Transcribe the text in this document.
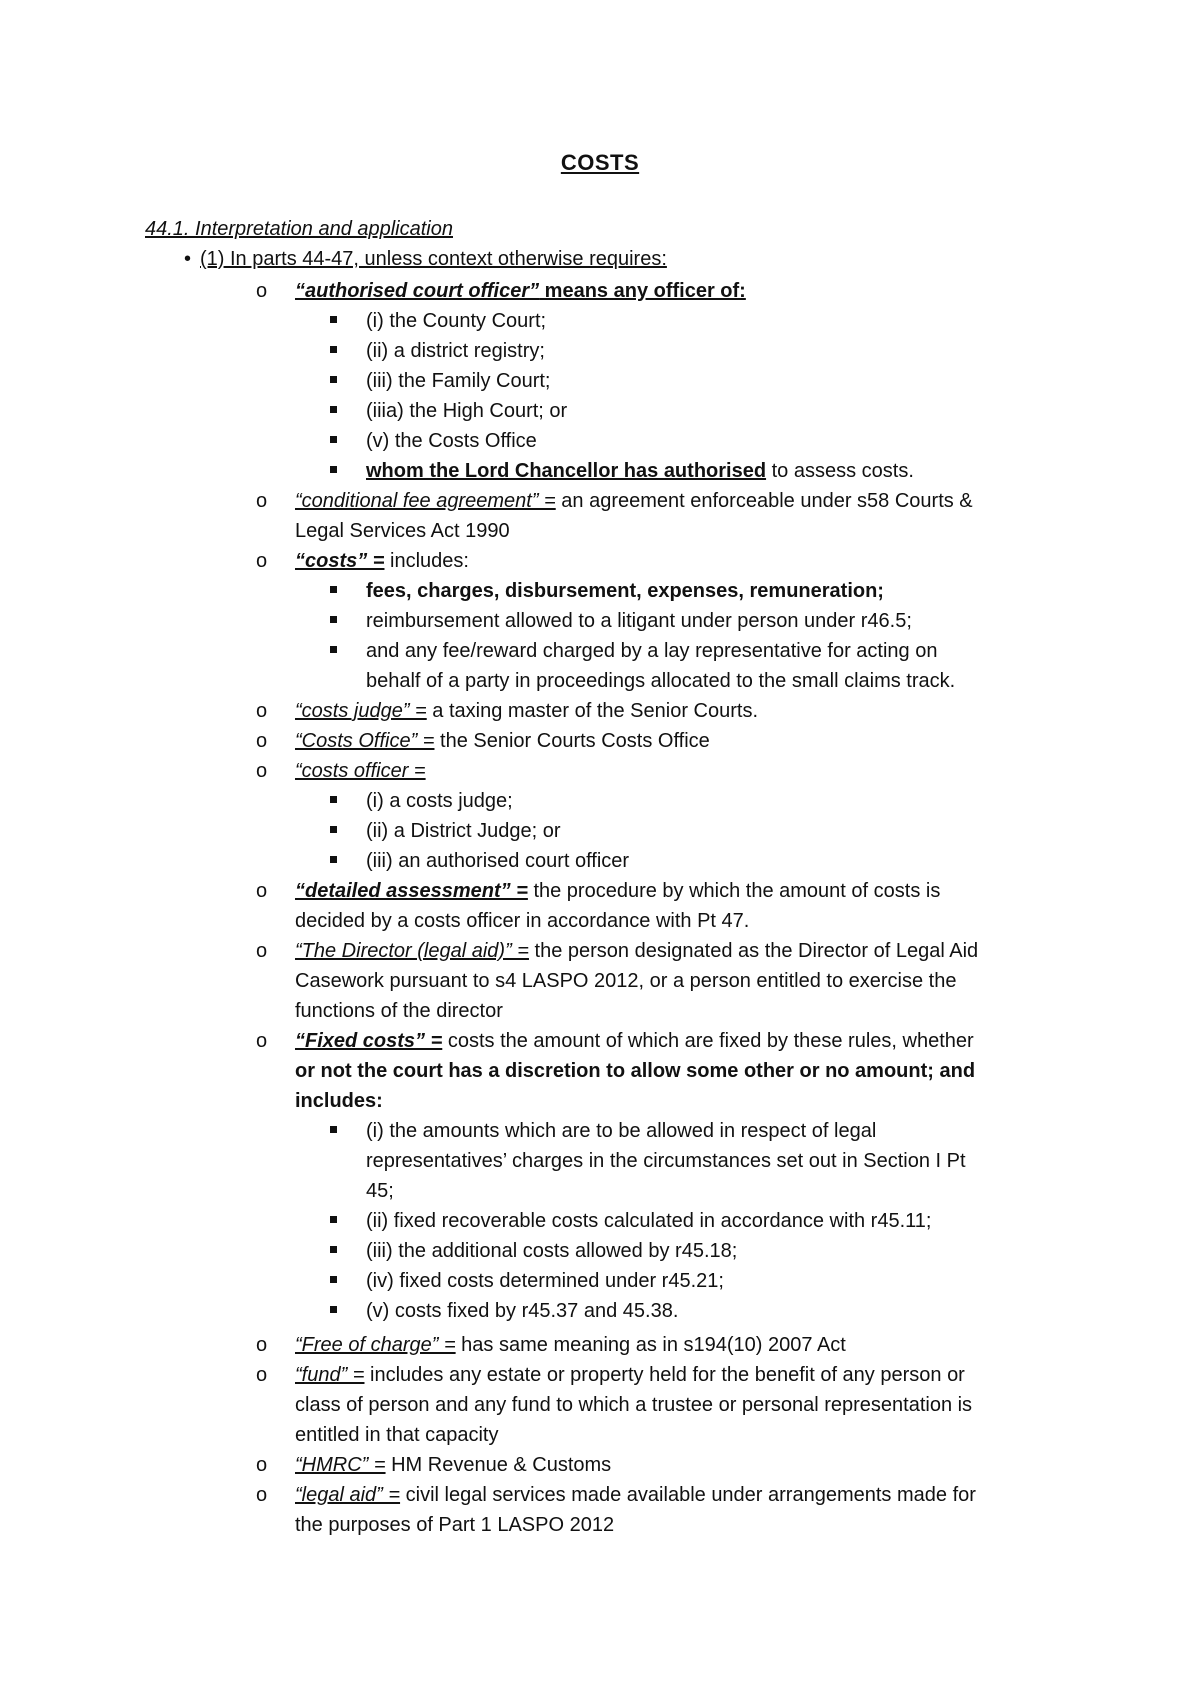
COSTS
44.1. Interpretation and application
• (1) In parts 44-47, unless context otherwise requires:
o “authorised court officer” means any officer of:
(i) the County Court;
(ii) a district registry;
(iii) the Family Court;
(iiia) the High Court; or
(v) the Costs Office
whom the Lord Chancellor has authorised to assess costs.
o “conditional fee agreement” = an agreement enforceable under s58 Courts &
Legal Services Act 1990
o “costs” = includes:
fees, charges, disbursement, expenses, remuneration;
reimbursement allowed to a litigant under person under r46.5;
and any fee/reward charged by a lay representative for acting on
behalf of a party in proceedings allocated to the small claims track.
o “costs judge” = a taxing master of the Senior Courts.
o “Costs Office” = the Senior Courts Costs Office
o “costs officer =
(i) a costs judge;
(ii) a District Judge; or
(iii) an authorised court officer
o “detailed assessment” = the procedure by which the amount of costs is
decided by a costs officer in accordance with Pt 47.
o “The Director (legal aid)” = the person designated as the Director of Legal Aid
Casework pursuant to s4 LASPO 2012, or a person entitled to exercise the
functions of the director
o “Fixed costs” = costs the amount of which are fixed by these rules, whether
or not the court has a discretion to allow some other or no amount; and
includes:
(i) the amounts which are to be allowed in respect of legal
representatives’ charges in the circumstances set out in Section I Pt
45;
(ii) fixed recoverable costs calculated in accordance with r45.11;
(iii) the additional costs allowed by r45.18;
(iv) fixed costs determined under r45.21;
(v) costs fixed by r45.37 and 45.38.
o “Free of charge” = has same meaning as in s194(10) 2007 Act
o “fund” = includes any estate or property held for the benefit of any person or
class of person and any fund to which a trustee or personal representation is
entitled in that capacity
o “HMRC” = HM Revenue & Customs
o “legal aid” = civil legal services made available under arrangements made for
the purposes of Part 1 LASPO 2012
